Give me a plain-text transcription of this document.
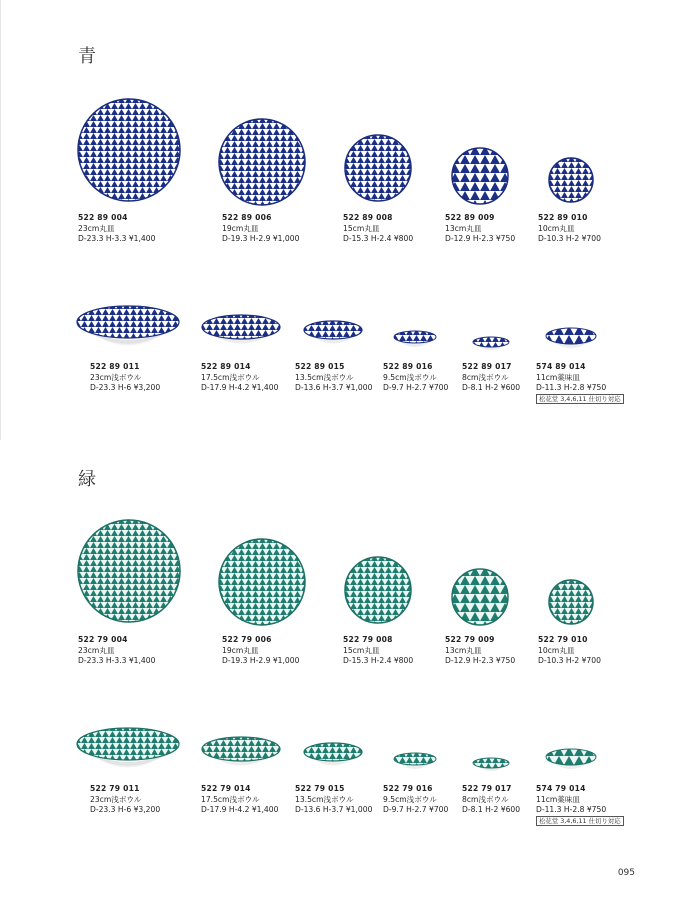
青
522 89 004
23cm丸皿
D-23.3 H-3.3 ¥1,400
522 89 006
19cm丸皿
D-19.3 H-2.9 ¥1,000
522 89 008
15cm丸皿
D-15.3 H-2.4 ¥800
522 89 009
13cm丸皿
D-12.9 H-2.3 ¥750
522 89 010
10cm丸皿
D-10.3 H-2 ¥700
522 89 011
23cm浅ボウル
D-23.3 H-6 ¥3,200
522 89 014
17.5cm浅ボウル
D-17.9 H-4.2 ¥1,400
522 89 015
13.5cm浅ボウル
D-13.6 H-3.7 ¥1,000
522 89 016
9.5cm浅ボウル
D-9.7 H-2.7 ¥700
522 89 017
8cm浅ボウル
D-8.1 H-2 ¥600
574 89 014
11cm薬味皿
D-11.3 H-2.8 ¥750
松花堂 3,4,6,11 仕切り対応
緑
522 79 004
23cm丸皿
D-23.3 H-3.3 ¥1,400
522 79 006
19cm丸皿
D-19.3 H-2.9 ¥1,000
522 79 008
15cm丸皿
D-15.3 H-2.4 ¥800
522 79 009
13cm丸皿
D-12.9 H-2.3 ¥750
522 79 010
10cm丸皿
D-10.3 H-2 ¥700
522 79 011
23cm浅ボウル
D-23.3 H-6 ¥3,200
522 79 014
17.5cm浅ボウル
D-17.9 H-4.2 ¥1,400
522 79 015
13.5cm浅ボウル
D-13.6 H-3.7 ¥1,000
522 79 016
9.5cm浅ボウル
D-9.7 H-2.7 ¥700
522 79 017
8cm浅ボウル
D-8.1 H-2 ¥600
574 79 014
11cm薬味皿
D-11.3 H-2.8 ¥750
松花堂 3,4,6,11 仕切り対応
095
